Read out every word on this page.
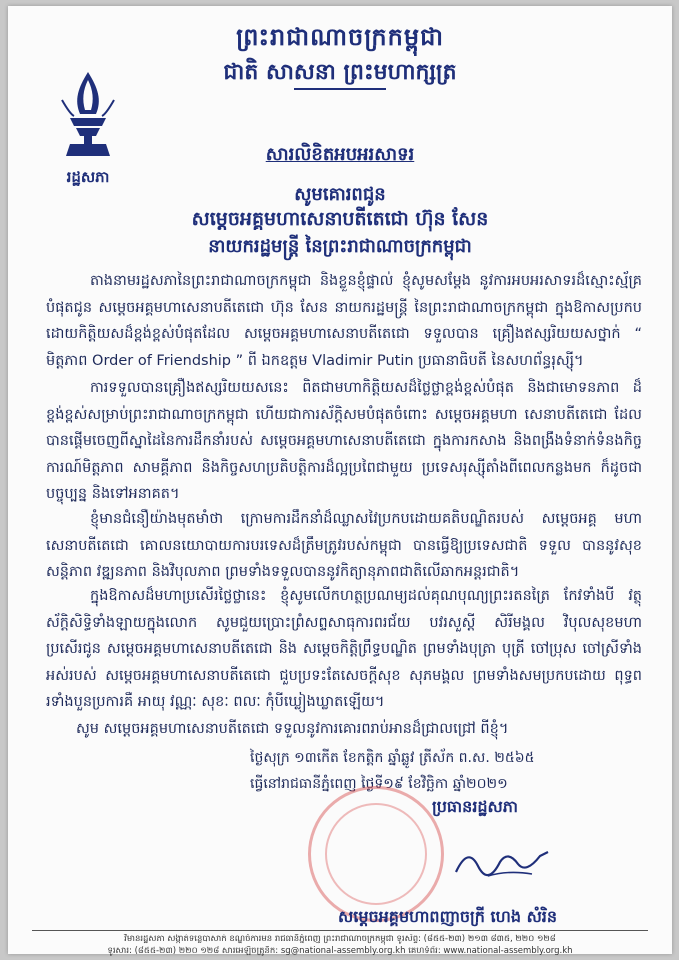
ព្រះរាជាណាចក្រកម្ពុជា
ជាតិ សាសនា ព្រះមហាក្សត្រ
រដ្ឋសភា
សារលិខិតអបអរសាទរ
សូមគោរពជូន
សម្តេចអគ្គមហាសេនាបតីតេជោ ហ៊ុន សែន
នាយករដ្ឋមន្ត្រី នៃព្រះរាជាណាចក្រកម្ពុជា
តាងនាមរដ្ឋសភានៃព្រះរាជាណាចក្រកម្ពុជា និងខ្លួនខ្ញុំផ្ទាល់ ខ្ញុំសូមសម្តែង នូវការអបអរសាទរដ៏ស្មោះស្ម័គ្រ បំផុតជូន សម្តេចអគ្គមហាសេនាបតីតេជោ ហ៊ុន សែន នាយករដ្ឋមន្ត្រី នៃព្រះរាជាណាចក្រកម្ពុជា ក្នុងឱកាសប្រកបដោយកិត្តិយសដ៏ខ្ពង់ខ្ពស់បំផុតដែល សម្តេចអគ្គមហាសេនាបតីតេជោ ទទួលបាន គ្រឿងឥស្សរិយយសថ្នាក់ “ មិត្តភាព Order of Friendship ” ពី ឯកឧត្តម Vladimir Putin ប្រធានាធិបតី នៃសហព័ន្ធរុស្ស៊ី។
ការទទួលបានគ្រឿងឥស្សរិយយសនេះ ពិតជាមហាកិត្តិយសដ៏ថ្លៃថ្លាខ្ពង់ខ្ពស់បំផុត និងជាមោទនភាព ដ៏ខ្ពង់ខ្ពស់សម្រាប់ព្រះរាជាណាចក្រកម្ពុជា ហើយជាការស័ក្តិសមបំផុតចំពោះ សម្តេចអគ្គមហា សេនាបតីតេជោ ដែលបានផ្តើមចេញពីស្នាដៃនៃការដឹកនាំរបស់ សម្តេចអគ្គមហាសេនាបតីតេជោ ក្នុងការកសាង និងពង្រឹងទំនាក់ទំនងកិច្ចការណ៍មិត្តភាព សាមគ្គីភាព និងកិច្ចសហប្រតិបត្តិការដ៏ល្អប្រពៃជាមួយ ប្រទេសរុស្ស៊ីតាំងពីពេលកន្លងមក ក៏ដូចជាបច្ចុប្បន្ន និងទៅអនាគត។
ខ្ញុំមានជំនឿយ៉ាងមុតមាំថា ក្រោមការដឹកនាំដ៏ឈ្លាសវៃប្រកបដោយគតិបណ្ឌិតរបស់ សម្តេចអគ្គ មហាសេនាបតីតេជោ គោលនយោបាយការបរទេសដ៏ត្រឹមត្រូវរបស់កម្ពុជា បានធ្វើឱ្យប្រទេសជាតិ ទទួល បាននូវសុខសន្តិភាព វឌ្ឍនភាព និងវិបុលភាព ព្រមទាំងទទួលបាននូវកិត្យានុភាពជាតិលើឆាកអន្តរជាតិ។
ក្នុងឱកាសដ៏មហាប្រសើរថ្លៃថ្លានេះ ខ្ញុំសូមលើកហត្ថប្រណម្យដល់គុណបុណ្យព្រះរតនត្រៃ កែវទាំងបី វត្ថុស័ក្តិសិទ្ធិទាំងឡាយក្នុងលោក សូមជួយប្រោះព្រំសព្ទសាធុការពរជ័យ បវរសួស្តី សិរីមង្គល វិបុលសុខមហា ប្រសើរជូន សម្តេចអគ្គមហាសេនាបតីតេជោ និង សម្តេចកិត្តិព្រឹទ្ធបណ្ឌិត ព្រមទាំងបុត្រា បុត្រី ចៅប្រុស ចៅស្រីទាំងអស់របស់ សម្តេចអគ្គមហាសេនាបតីតេជោ ជួបប្រទះតែសេចក្តីសុខ សុភមង្គល ព្រមទាំងសមប្រកបដោយ ពុទ្ធពរទាំងបួនប្រការគឺ អាយុ វណ្ណៈ សុខៈ ពលៈ កុំបីឃ្លៀងឃ្លាតឡើយ។
សូម សម្តេចអគ្គមហាសេនាបតីតេជោ ទទួលនូវការគោរពរាប់អានដ៏ជ្រាលជ្រៅ ពីខ្ញុំ។
ថ្ងៃសុក្រ ១៣កើត ខែកត្តិក ឆ្នាំឆ្លូវ ត្រីស័ក ព.ស. ២៥៦៥
ធ្វើនៅរាជធានីភ្នំពេញ ថ្ងៃទី១៩ ខែវិច្ឆិកា ឆ្នាំ២០២១
ប្រធានរដ្ឋសភា
សម្តេចអគ្គមហាពញាចក្រី ហេង សំរិន
វិមានរដ្ឋសភា សង្កាត់ទន្លេបាសាក់ ខណ្ឌចំការមន រាជធានីភ្នំពេញ ព្រះរាជាណាចក្រកម្ពុជា ទូរស័ព្ទ: (៨៥៥-២៣) ២១៣ ៨៣៥, ២២០ ១២៨
ទូរសារ: (៨៥៥-២៣) ២២០ ១២៨ សារអេឡិចត្រូនិក: sg@national-assembly.org.kh គេហទំព័រ: www.national-assembly.org.kh
